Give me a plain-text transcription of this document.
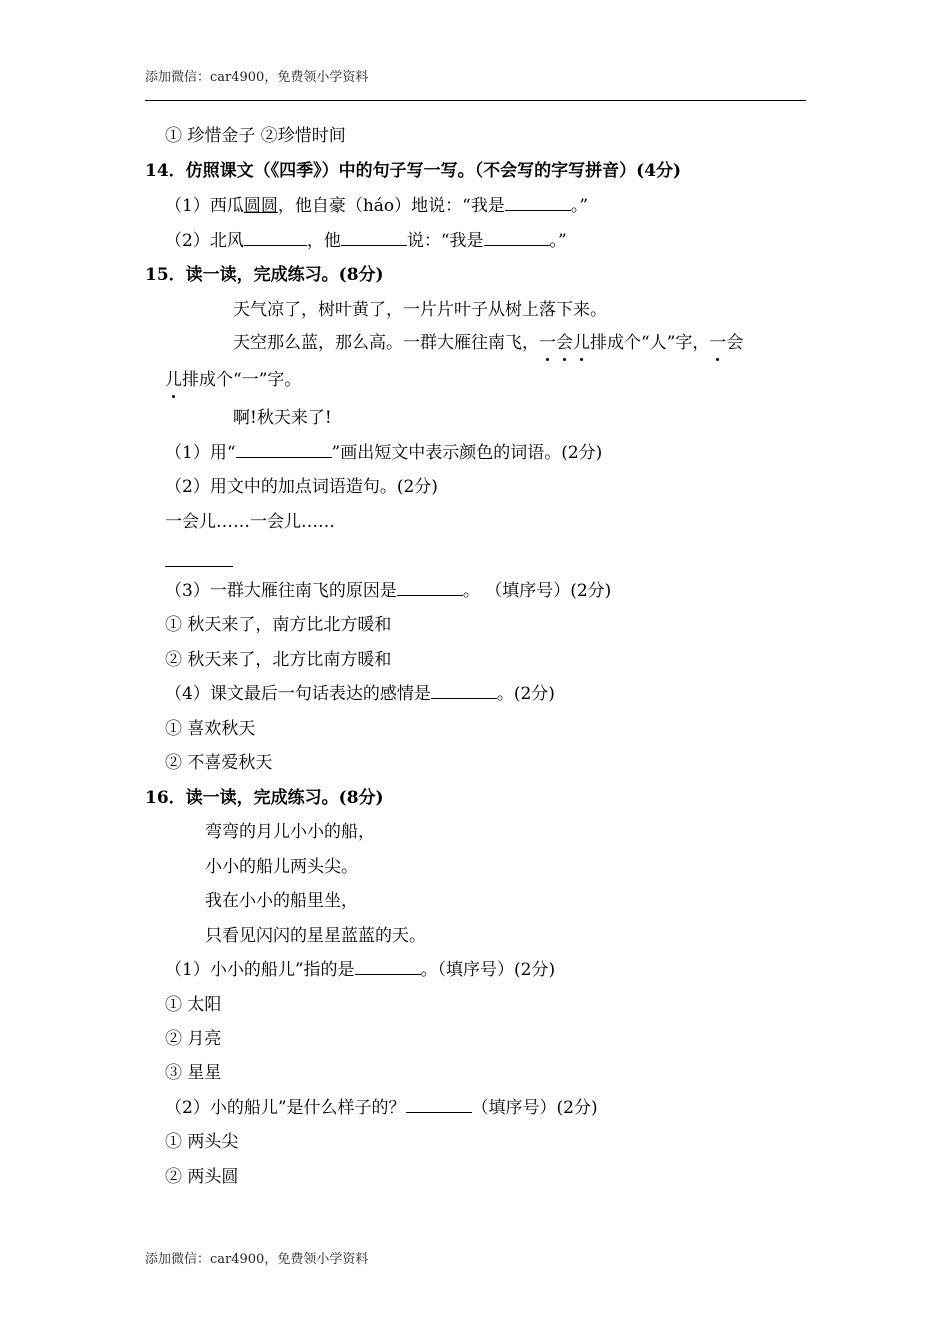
添加微信：car4900，免费领小学资料
① 珍惜金子 ②珍惜时间
14．仿照课文（《四季》）中的句子写一写。（不会写的字写拼音）(4分)
（1）西瓜圆圆，他自豪（háo）地说：“我是	。”
（2）北风	，他	说：“我是	。”
15．读一读，完成练习。(8分)
天气凉了，树叶黄了，一片片叶子从树上落下来。
天空那么蓝，那么高。一群大雁往南飞，一会儿排成个“人”字，一会
儿排成个“一”字。
啊!秋天来了!
（1）用“	”画出短文中表示颜色的词语。(2分)
（2）用文中的加点词语造句。(2分)
一会儿……一会儿……
（3）一群大雁往南飞的原因是	。 （填序号）(2分)
① 秋天来了，南方比北方暖和
② 秋天来了，北方比南方暖和
（4）课文最后一句话表达的感情是	。(2分)
① 喜欢秋天
② 不喜爱秋天
16．读一读，完成练习。(8分)
弯弯的月儿小小的船，
小小的船儿两头尖。
我在小小的船里坐，
只看见闪闪的星星蓝蓝的天。
（1）小小的船儿”指的是	。（填序号）(2分)
① 太阳
② 月亮
③ 星星
（2）小的船儿”是什么样子的？	（填序号）(2分)
① 两头尖
② 两头圆
添加微信：car4900，免费领小学资料
